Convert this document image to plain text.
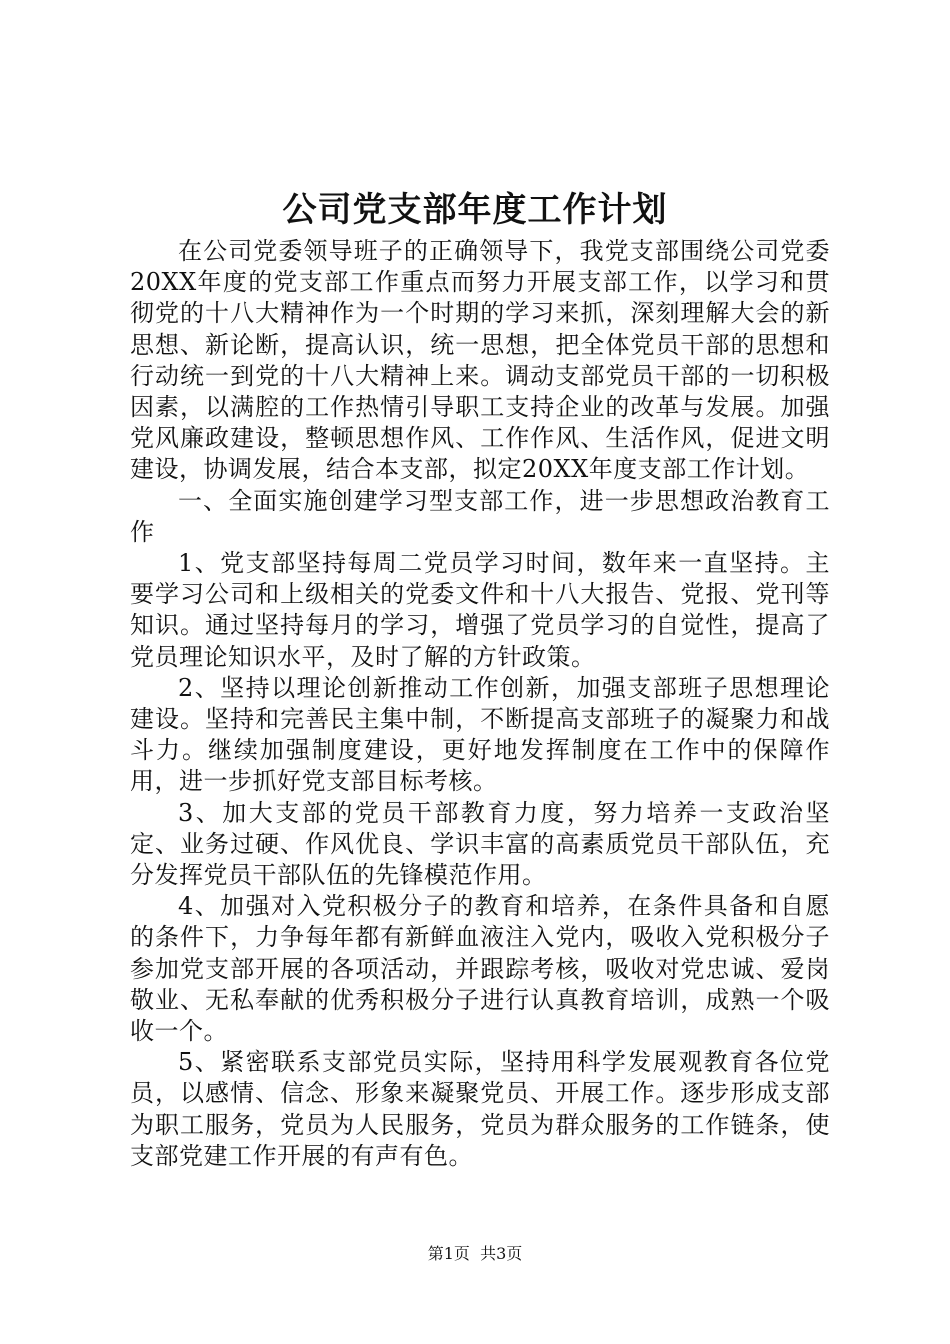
公司党支部年度工作计划

在公司党委领导班子的正确领导下，我党支部围绕公司党委20XX年度的党支部工作重点而努力开展支部工作，以学习和贯彻党的十八大精神作为一个时期的学习来抓，深刻理解大会的新思想、新论断，提高认识，统一思想，把全体党员干部的思想和行动统一到党的十八大精神上来。调动支部党员干部的一切积极因素，以满腔的工作热情引导职工支持企业的改革与发展。加强党风廉政建设，整顿思想作风、工作作风、生活作风，促进文明建设，协调发展，结合本支部，拟定20XX年度支部工作计划。

一、全面实施创建学习型支部工作，进一步思想政治教育工作

1、党支部坚持每周二党员学习时间，数年来一直坚持。主要学习公司和上级相关的党委文件和十八大报告、党报、党刊等知识。通过坚持每月的学习，增强了党员学习的自觉性，提高了党员理论知识水平，及时了解的方针政策。

2、坚持以理论创新推动工作创新，加强支部班子思想理论建设。坚持和完善民主集中制，不断提高支部班子的凝聚力和战斗力。继续加强制度建设，更好地发挥制度在工作中的保障作用，进一步抓好党支部目标考核。

3、加大支部的党员干部教育力度，努力培养一支政治坚定、业务过硬、作风优良、学识丰富的高素质党员干部队伍，充分发挥党员干部队伍的先锋模范作用。

4、加强对入党积极分子的教育和培养，在条件具备和自愿的条件下，力争每年都有新鲜血液注入党内，吸收入党积极分子参加党支部开展的各项活动，并跟踪考核，吸收对党忠诚、爱岗敬业、无私奉献的优秀积极分子进行认真教育培训，成熟一个吸收一个。

5、紧密联系支部党员实际，坚持用科学发展观教育各位党员，以感情、信念、形象来凝聚党员、开展工作。逐步形成支部为职工服务，党员为人民服务，党员为群众服务的工作链条，使支部党建工作开展的有声有色。

第1页  共3页
